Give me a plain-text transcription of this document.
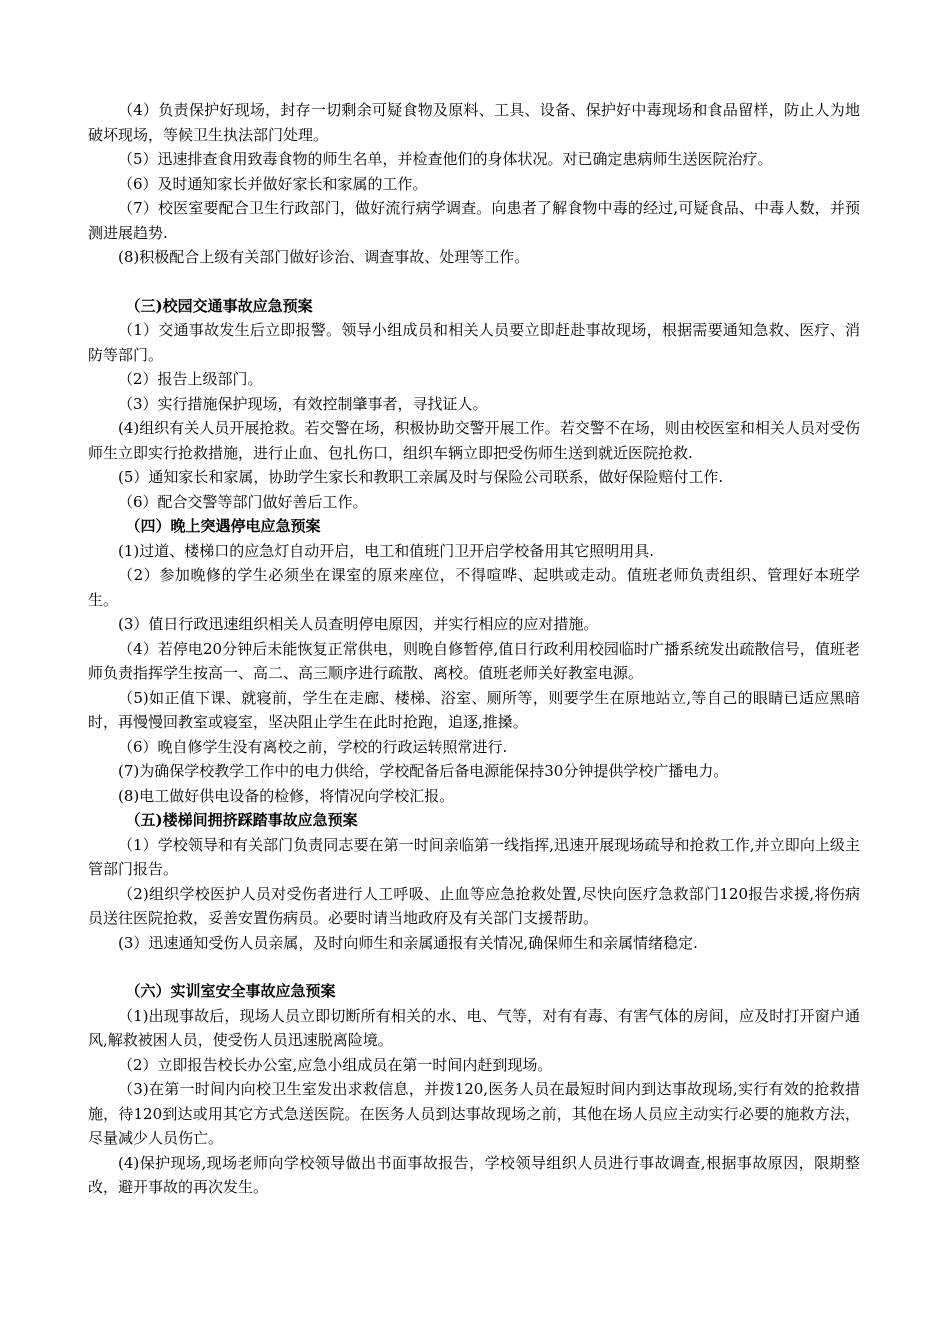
（4）负责保护好现场，封存一切剩余可疑食物及原料、工具、设备、保护好中毒现场和食品留样，防止人为地破坏现场，等候卫生执法部门处理。

（5）迅速排查食用致毒食物的师生名单，并检查他们的身体状况。对已确定患病师生送医院治疗。

（6）及时通知家长并做好家长和家属的工作。

（7）校医室要配合卫生行政部门，做好流行病学调查。向患者了解食物中毒的经过,可疑食品、中毒人数，并预测进展趋势.

(8)积极配合上级有关部门做好诊治、调查事故、处理等工作。

（三)校园交通事故应急预案

（1）交通事故发生后立即报警。领导小组成员和相关人员要立即赶赴事故现场，根据需要通知急救、医疗、消防等部门。

（2）报告上级部门。

（3）实行措施保护现场，有效控制肇事者，寻找证人。

(4)组织有关人员开展抢救。若交警在场，积极协助交警开展工作。若交警不在场，则由校医室和相关人员对受伤师生立即实行抢救措施，进行止血、包扎伤口，组织车辆立即把受伤师生送到就近医院抢救.

(5）通知家长和家属，协助学生家长和教职工亲属及时与保险公司联系，做好保险赔付工作.

（6）配合交警等部门做好善后工作。

（四）晚上突遇停电应急预案

(1)过道、楼梯口的应急灯自动开启，电工和值班门卫开启学校备用其它照明用具.

（2）参加晚修的学生必须坐在课室的原来座位，不得喧哗、起哄或走动。值班老师负责组织、管理好本班学生。

(3）值日行政迅速组织相关人员查明停电原因，并实行相应的应对措施。

（4）若停电20分钟后未能恢复正常供电，则晚自修暂停,值日行政利用校园临时广播系统发出疏散信号，值班老师负责指挥学生按高一、高二、高三顺序进行疏散、离校。值班老师关好教室电源。

（5)如正值下课、就寝前，学生在走廊、楼梯、浴室、厕所等，则要学生在原地站立,等自己的眼睛已适应黑暗时，再慢慢回教室或寝室，坚决阻止学生在此时抢跑，追逐,推搡。

（6）晚自修学生没有离校之前，学校的行政运转照常进行.

(7)为确保学校教学工作中的电力供给，学校配备后备电源能保持30分钟提供学校广播电力。

(8)电工做好供电设备的检修，将情况向学校汇报。

（五)楼梯间拥挤踩踏事故应急预案

（1）学校领导和有关部门负责同志要在第一时间亲临第一线指挥,迅速开展现场疏导和抢救工作,并立即向上级主管部门报告。

（2)组织学校医护人员对受伤者进行人工呼吸、止血等应急抢救处置,尽快向医疗急救部门120报告求援,将伤病员送往医院抢救，妥善安置伤病员。必要时请当地政府及有关部门支援帮助。

(3）迅速通知受伤人员亲属，及时向师生和亲属通报有关情况,确保师生和亲属情绪稳定.

（六）实训室安全事故应急预案

（1)出现事故后，现场人员立即切断所有相关的水、电、气等，对有有毒、有害气体的房间，应及时打开窗户通风,解救被困人员，使受伤人员迅速脱离险境。

（2）立即报告校长办公室,应急小组成员在第一时间内赶到现场。

（3)在第一时间内向校卫生室发出求救信息，并拨120,医务人员在最短时间内到达事故现场,实行有效的抢救措施，待120到达或用其它方式急送医院。在医务人员到达事故现场之前，其他在场人员应主动实行必要的施救方法，尽量减少人员伤亡。

(4)保护现场,现场老师向学校领导做出书面事故报告，学校领导组织人员进行事故调查,根据事故原因，限期整改，避开事故的再次发生。
